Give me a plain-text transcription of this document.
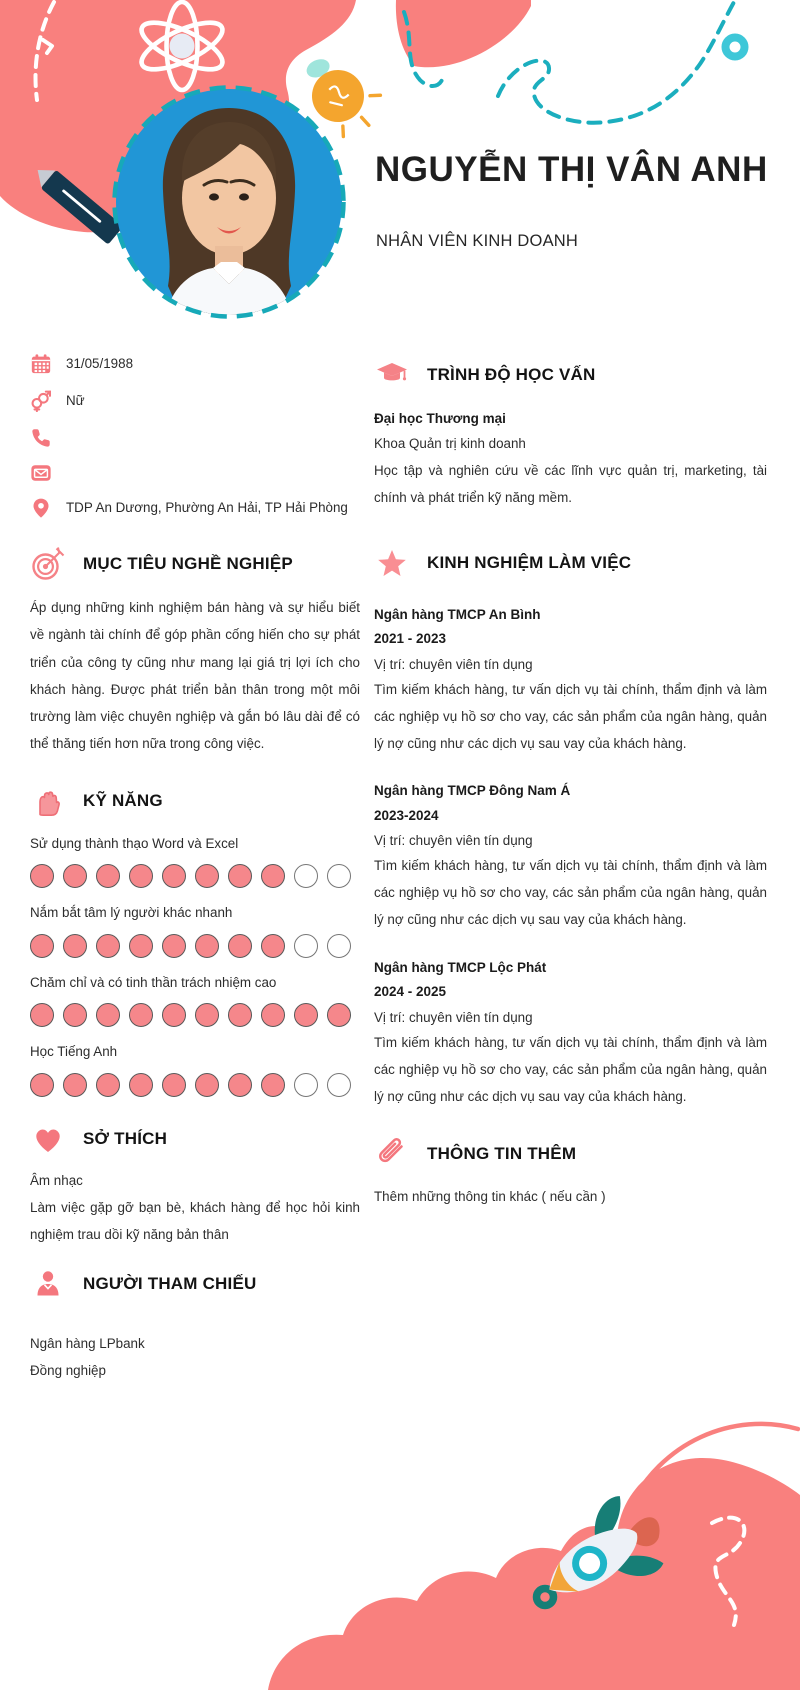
NGUYỄN THỊ VÂN ANH
NHÂN VIÊN KINH DOANH
31/05/1988
Nữ
TDP An Dương, Phường An Hải, TP Hải Phòng
MỤC TIÊU NGHỀ NGHIỆP
Áp dụng những kinh nghiệm bán hàng và sự hiểu biết về ngành tài chính để góp phần cống hiến cho sự phát triển của công ty cũng như mang lại giá trị lợi ích cho khách hàng. Được phát triển bản thân trong một môi trường làm việc chuyên nghiệp và gắn bó lâu dài để có thể thăng tiến hơn nữa trong công việc.
KỸ NĂNG
Sử dụng thành thạo Word và Excel
Nắm bắt tâm lý người khác nhanh
Chăm chỉ và có tinh thần trách nhiệm cao
Học Tiếng Anh
SỞ THÍCH
Âm nhạc
Làm việc gặp gỡ bạn bè, khách hàng để học hỏi kinh nghiệm trau dồi kỹ năng bản thân
NGƯỜI THAM CHIẾU
Ngân hàng LPbank
Đồng nghiệp
TRÌNH ĐỘ HỌC VẤN
Đại học Thương mại
Khoa Quản trị kinh doanh
Học tập và nghiên cứu về các lĩnh vực quản trị, marketing, tài chính và phát triển kỹ năng mềm.
KINH NGHIỆM LÀM VIỆC
Ngân hàng TMCP An Bình
2021 - 2023
Vị trí: chuyên viên tín dụng
Tìm kiếm khách hàng, tư vấn dịch vụ tài chính, thẩm định và làm các nghiệp vụ hồ sơ cho vay, các sản phẩm của ngân hàng, quản lý nợ cũng như các dịch vụ sau vay của khách hàng.
Ngân hàng TMCP Đông Nam Á
2023-2024
Vị trí: chuyên viên tín dụng
Tìm kiếm khách hàng, tư vấn dịch vụ tài chính, thẩm định và làm các nghiệp vụ hồ sơ cho vay, các sản phẩm của ngân hàng, quản lý nợ cũng như các dịch vụ sau vay của khách hàng.
Ngân hàng TMCP Lộc Phát
2024 - 2025
Vị trí: chuyên viên tín dụng
Tìm kiếm khách hàng, tư vấn dịch vụ tài chính, thẩm định và làm các nghiệp vụ hồ sơ cho vay, các sản phẩm của ngân hàng, quản lý nợ cũng như các dịch vụ sau vay của khách hàng.
THÔNG TIN THÊM
Thêm những thông tin khác ( nếu cần )
